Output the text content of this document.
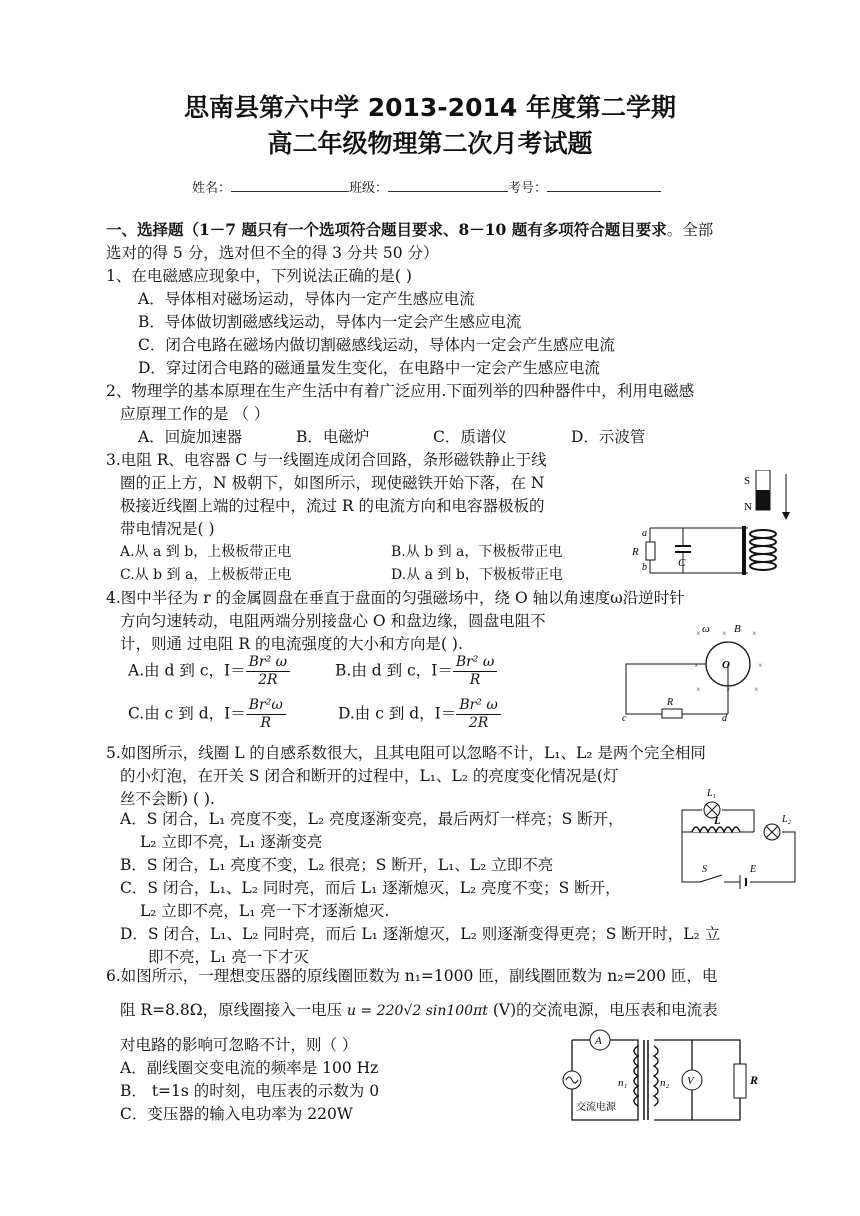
思南县第六中学 2013-2014 年度第二学期
高二年级物理第二次月考试题
姓名：	班级：	考号：
一、选择题（1－7 题只有一个选项符合题目要求、8－10 题有多项符合题目要求。全部
选对的得 5 分，选对但不全的得 3 分共 50 分）
1、在电磁感应现象中，下列说法正确的是( )
A．导体相对磁场运动，导体内一定产生感应电流
B．导体做切割磁感线运动，导体内一定会产生感应电流
C．闭合电路在磁场内做切割磁感线运动，导体内一定会产生感应电流
D．穿过闭合电路的磁通量发生变化，在电路中一定会产生感应电流
2、物理学的基本原理在生产生活中有着广泛应用.下面列举的四种器件中，利用电磁感
应原理工作的是 （ ）
A．回旋加速器	B．电磁炉	C．质谱仪	D．示波管
3.电阻 R、电容器 C 与一线圈连成闭合回路，条形磁铁静止于线
圈的正上方，N 极朝下，如图所示，现使磁铁开始下落，在 N
极接近线圈上端的过程中，流过 R 的电流方向和电容器极板的
带电情况是( )
A.从 a 到 b，上极板带正电	B.从 b 到 a，下极板带正电
C.从 b 到 a，上极板带正电	D.从 a 到 b，下极板带正电
S
N
R
a
b	C
4.图中半径为 r 的金属圆盘在垂直于盘面的匀强磁场中，绕 O 轴以角速度ω沿逆时针
方向匀速转动，电阻两端分别接盘心 O 和盘边缘，圆盘电阻不
计，则通 过电阻 R 的电流强度的大小和方向是( ).
A.由 d 到 c，$I= \frac{\text{Br² ω}}{2R}$	B.由 d 到 c，$I= \frac{\text{Br² ω}}{R}$
C.由 c 到 d，$I= \frac{\text{Br²ω}}{R}$	D.由 c 到 d，$I= \frac{\text{Br² ω}}{2R}$
O
ω B
×	×	×
×	×
×	×	×
R
c	d
5.如图所示，线圈 L 的自感系数很大，且其电阻可以忽略不计，L₁、L₂ 是两个完全相同
的小灯泡，在开关 S 闭合和断开的过程中，L₁、L₂ 的亮度变化情况是(灯
丝不会断) ( ).
A．S 闭合，L₁ 亮度不变，L₂ 亮度逐渐变亮，最后两灯一样亮；S 断开，
L₂ 立即不亮，L₁ 逐渐变亮
B．S 闭合，L₁ 亮度不变，L₂ 很亮；S 断开，L₁、L₂ 立即不亮
C．S 闭合，L₁、L₂ 同时亮，而后 L₁ 逐渐熄灭，L₂ 亮度不变；S 断开，
L₂ 立即不亮，L₁ 亮一下才逐渐熄灭.
D．S 闭合，L₁、L₂ 同时亮，而后 L₁ 逐渐熄灭，L₂ 则逐渐变得更亮；S 断开时，L₂ 立
即不亮，L₁ 亮一下才灭
L₁
L	L₂
S	E
6.如图所示，一理想变压器的原线圈匝数为 n₁=1000 匝，副线圈匝数为 n₂=200 匝，电
阻 R=8.8Ω，原线圈接入一电压 u = 220√2 sin100πt (V)的交流电源，电压表和电流表
对电路的影响可忽略不计，则（ ）
A．副线圈交变电流的频率是 100 Hz
B． t=1s 的时刻，电压表的示数为 0
C．变压器的输入电功率为 220W
A
交流电源
n₁	n₂ V	R
